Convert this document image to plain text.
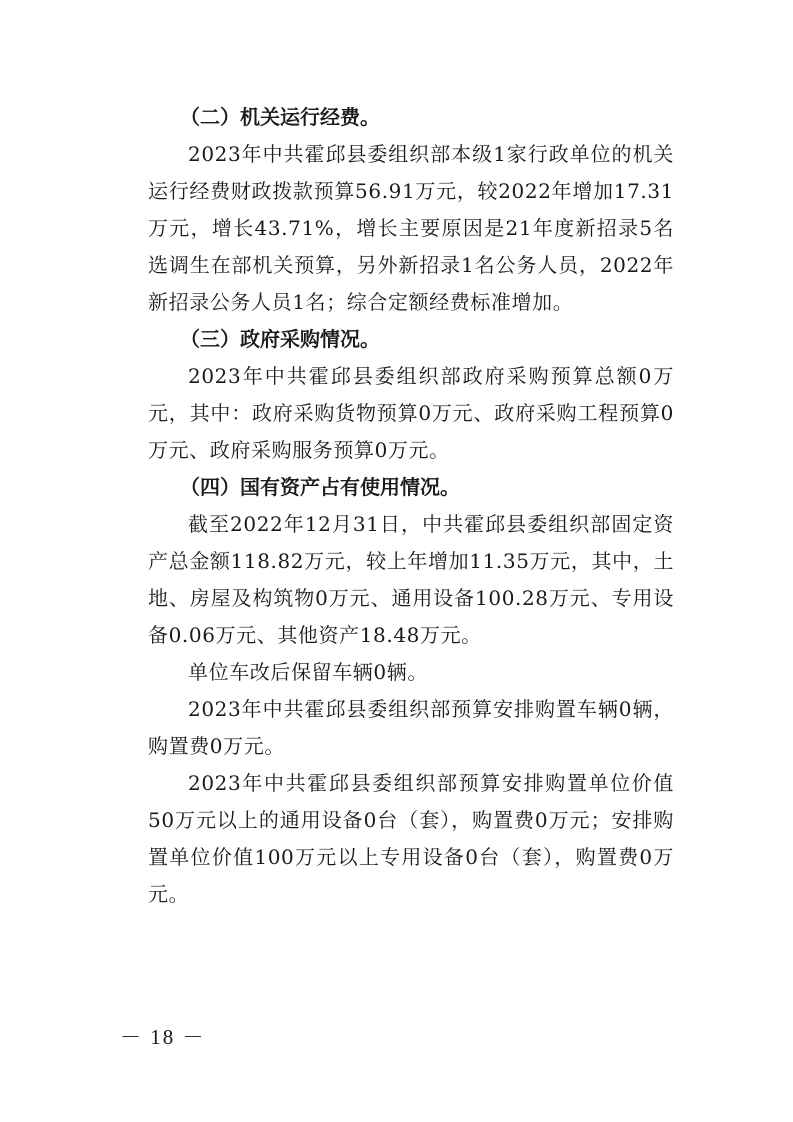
（二）机关运行经费。

2023年中共霍邱县委组织部本级1家行政单位的机关运行经费财政拨款预算56.91万元，较2022年增加17.31万元，增长43.71%，增长主要原因是21年度新招录5名选调生在部机关预算，另外新招录1名公务人员，2022年新招录公务人员1名；综合定额经费标准增加。

（三）政府采购情况。

2023年中共霍邱县委组织部政府采购预算总额0万元，其中：政府采购货物预算0万元、政府采购工程预算0万元、政府采购服务预算0万元。

（四）国有资产占有使用情况。

截至2022年12月31日，中共霍邱县委组织部固定资产总金额118.82万元，较上年增加11.35万元，其中，土地、房屋及构筑物0万元、通用设备100.28万元、专用设备0.06万元、其他资产18.48万元。

单位车改后保留车辆0辆。

2023年中共霍邱县委组织部预算安排购置车辆0辆，购置费0万元。

2023年中共霍邱县委组织部预算安排购置单位价值50万元以上的通用设备0台（套），购置费0万元；安排购置单位价值100万元以上专用设备0台（套），购置费0万元。

－ 18 －
